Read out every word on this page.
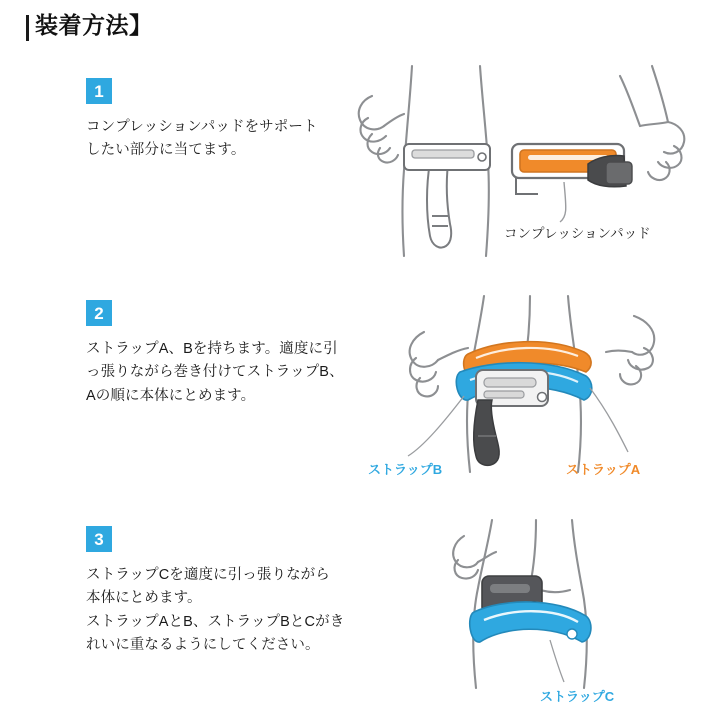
装着方法】
1
コンプレッションパッドをサポート
したい部分に当てます。
コンプレッションパッド
2
ストラップA、Bを持ちます。適度に引
っ張りながら巻き付けてストラップB、
Aの順に本体にとめます。
ストラップB	ストラップA
3
ストラップCを適度に引っ張りながら
本体にとめます。
ストラップAとB、ストラップBとCがき
れいに重なるようにしてください。
ストラップC
